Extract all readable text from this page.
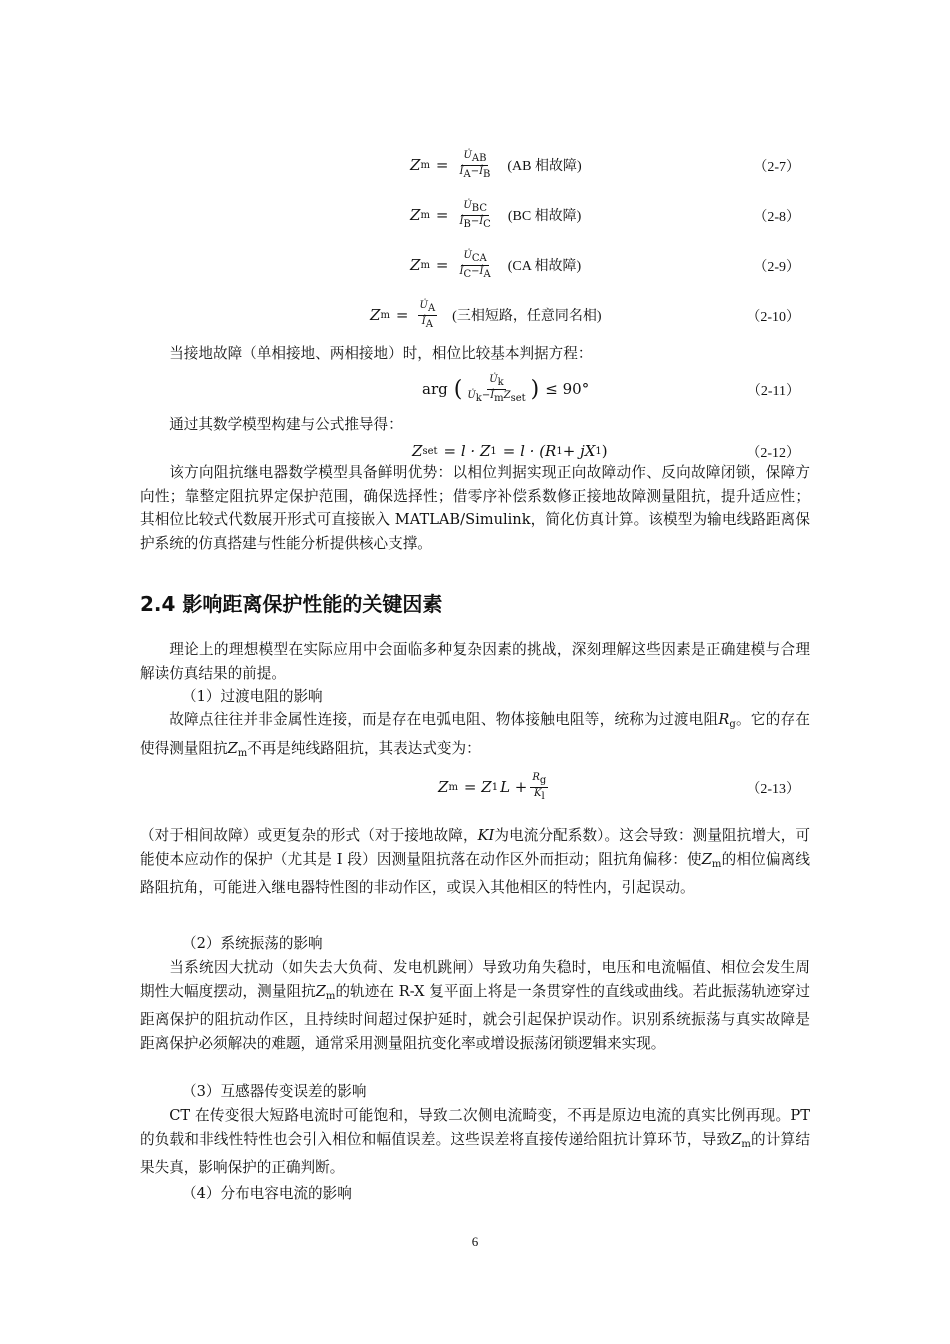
Z $m = \frac{U̇AB}{İA-İB} (AB$ 相故障)	（2-7）
Z $m = \frac{U̇BC}{İB-İC} (BC$ 相故障)	（2-8）
Z $m = \frac{U̇CA}{İC-İA} (CA$ 相故障)	（2-9）
Z $m = \frac{U̇A}{İA}$ (三相短路，任意同名相)	（2-10）
当接地故障（单相接地、两相接地）时，相位比较基本判据方程：
arg ( $\frac{U̇k}{\text{U̇k−İmZset}}$ ) ≤ 90°	（2-11）
通过其数学模型构建与公式推导得：
Z set = l · Z 1 = l · (R 1 + jX 1 )	（2-12）
该方向阻抗继电器数学模型具备鲜明优势：以相位判据实现正向故障动作、反向故障闭锁，保障方向性；靠整定阻抗界定保护范围，确保选择性；借零序补偿系数修正接地故障测量阻抗，提升适应性；其相位比较式代数展开形式可直接嵌入 MATLAB/Simulink，简化仿真计算。该模型为输电线路距离保护系统的仿真搭建与性能分析提供核心支撑。
2.4 影响距离保护性能的关键因素
理论上的理想模型在实际应用中会面临多种复杂因素的挑战，深刻理解这些因素是正确建模与合理解读仿真结果的前提。
（1）过渡电阻的影响
故障点往往并非金属性连接，而是存在电弧电阻、物体接触电阻等，统称为过渡电阻$R_g$。它的存在使得测量阻抗$Z_m$不再是纯线路阻抗，其表达式变为：
Z m = Z 1 $L + \frac{Rg}{Kl}$	（2-13）
（对于相间故障）或更复杂的形式（对于接地故障，KI为电流分配系数）。这会导致：测量阻抗增大，可能使本应动作的保护（尤其是 I 段）因测量阻抗落在动作区外而拒动；阻抗角偏移：使$Z_m$的相位偏离线路阻抗角，可能进入继电器特性图的非动作区，或误入其他相区的特性内，引起误动。
（2）系统振荡的影响
当系统因大扰动（如失去大负荷、发电机跳闸）导致功角失稳时，电压和电流幅值、相位会发生周期性大幅度摆动，测量阻抗$Z_m$的轨迹在 R-X 复平面上将是一条贯穿性的直线或曲线。若此振荡轨迹穿过距离保护的阻抗动作区，且持续时间超过保护延时，就会引起保护误动作。识别系统振荡与真实故障是距离保护必须解决的难题，通常采用测量阻抗变化率或增设振荡闭锁逻辑来实现。
（3）互感器传变误差的影响
CT 在传变很大短路电流时可能饱和，导致二次侧电流畸变，不再是原边电流的真实比例再现。PT 的负载和非线性特性也会引入相位和幅值误差。这些误差将直接传递给阻抗计算环节，导致$Z_m$的计算结果失真，影响保护的正确判断。
（4）分布电容电流的影响
6
